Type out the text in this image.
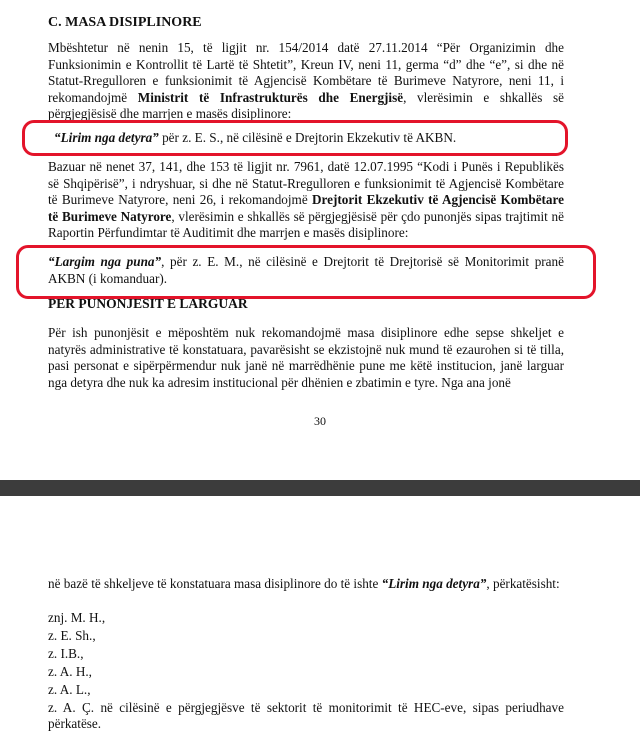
C. MASA DISIPLINORE

Mbështetur në nenin 15, të ligjit nr. 154/2014 datë 27.11.2014 “Për Organizimin dhe Funksionimin e Kontrollit të Lartë të Shtetit”, Kreun IV, neni 11, germa “d” dhe “e”, si dhe në Statut-Rregulloren e funksionimit të Agjencisë Kombëtare të Burimeve Natyrore, neni 11, i rekomandojmë Ministrit të Infrastrukturës dhe Energjisë, vlerësimin e shkallës së përgjegjësisë dhe marrjen e masës disiplinore:

“Lirim nga detyra” për z. E. S., në cilësinë e Drejtorin Ekzekutiv të AKBN.

Bazuar në nenet 37, 141, dhe 153 të ligjit nr. 7961, datë 12.07.1995 “Kodi i Punës i Republikës së Shqipërisë”, i ndryshuar, si dhe në Statut-Rregulloren e funksionimit të Agjencisë Kombëtare të Burimeve Natyrore, neni 26, i rekomandojmë Drejtorit Ekzekutiv të Agjencisë Kombëtare të Burimeve Natyrore, vlerësimin e shkallës së përgjegjësisë për çdo punonjës sipas trajtimit në Raportin Përfundimtar të Auditimit dhe marrjen e masës disiplinore:

“Largim nga puna”, për z. E. M., në cilësinë e Drejtorit të Drejtorisë së Monitorimit pranë AKBN (i komanduar).

PËR PUNONJËSIT E LARGUAR

Për ish punonjësit e mëposhtëm nuk rekomandojmë masa disiplinore edhe sepse shkeljet e natyrës administrative të konstatuara, pavarësisht se ekzistojnë nuk mund të ezaurohen si të tilla, pasi personat e sipërpërmendur nuk janë në marrëdhënie pune me këtë institucion, janë larguar nga detyra dhe nuk ka adresim institucional për dhënien e zbatimin e tyre. Nga ana jonë

30

në bazë të shkeljeve të konstatuara masa disiplinore do të ishte “Lirim nga detyra”, përkatësisht:

znj. M. H.,

z. E. Sh.,

z. I.B.,

z. A. H.,

z. A. L.,

z. A. Ç. në cilësinë e përgjegjësve të sektorit të monitorimit të HEC-eve, sipas periudhave përkatëse.
